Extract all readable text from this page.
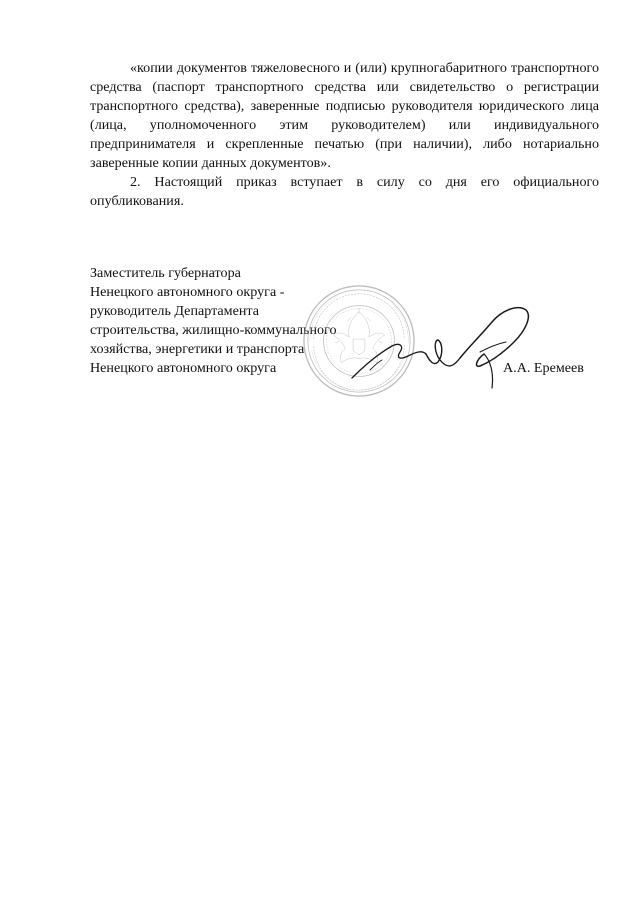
«копии документов тяжеловесного и (или) крупногабаритного транспортного средства (паспорт транспортного средства или свидетельство о регистрации транспортного средства), заверенные подписью руководителя юридического лица (лица, уполномоченного этим руководителем) или индивидуального предпринимателя и скрепленные печатью (при наличии), либо нотариально заверенные копии данных документов».

2. Настоящий приказ вступает в силу со дня его официального опубликования.

Заместитель губернатора
Ненецкого автономного округа -
руководитель Департамента
строительства, жилищно-коммунального
хозяйства, энергетики и транспорта
Ненецкого автономного округа	А.А. Еремеев
